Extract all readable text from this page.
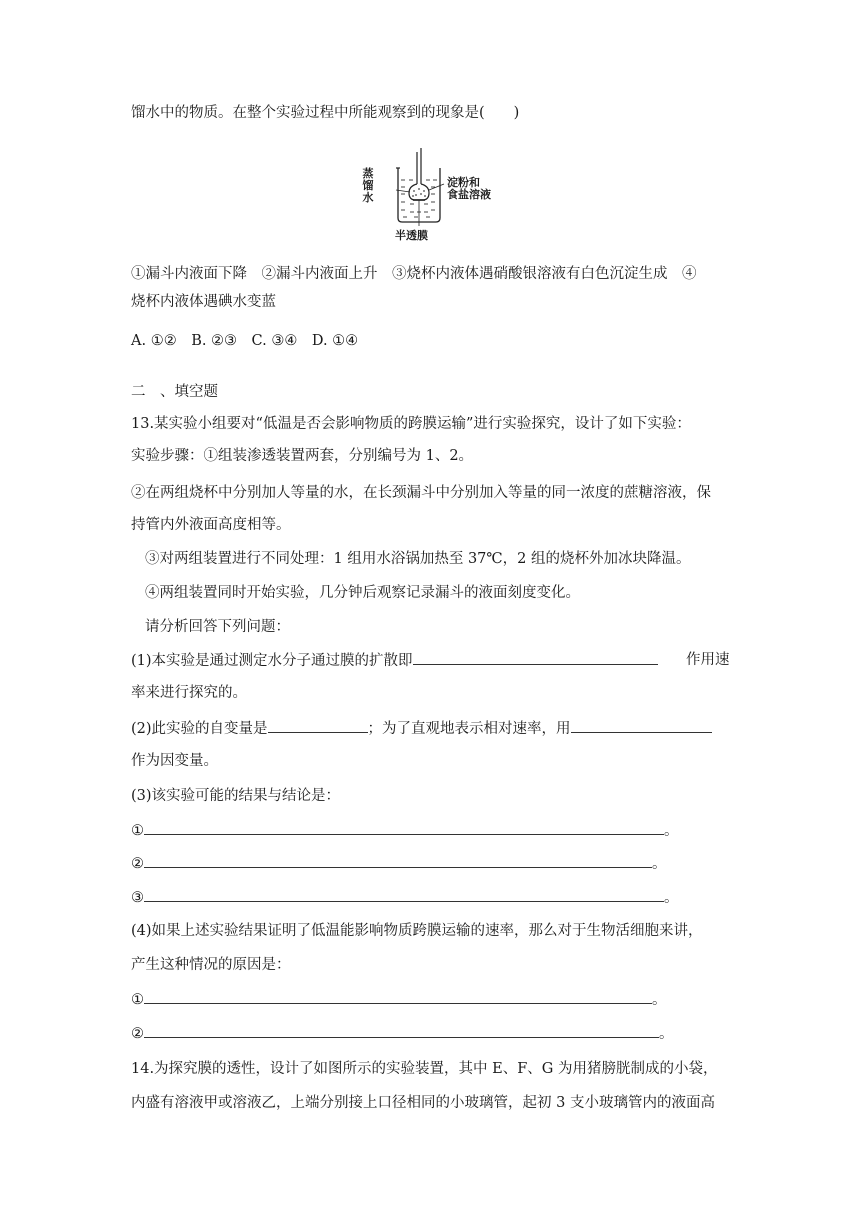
馏水中的物质。在整个实验过程中所能观察到的现象是(　　)
蒸
馏
水
淀粉和
食盐溶液
半透膜
①漏斗内液面下降　②漏斗内液面上升　③烧杯内液体遇硝酸银溶液有白色沉淀生成　④
烧杯内液体遇碘水变蓝
A. ①②　B. ②③　C. ③④　D. ①④
二　、填空题
13.某实验小组要对“低温是否会影响物质的跨膜运输”进行实验探究，设计了如下实验：
实验步骤：①组装渗透装置两套，分别编号为 1、2。
②在两组烧杯中分别加人等量的水，在长颈漏斗中分别加入等量的同一浓度的蔗糖溶液，保
持管内外液面高度相等。
③对两组装置进行不同处理：1 组用水浴锅加热至 37℃，2 组的烧杯外加冰块降温。
④两组装置同时开始实验，几分钟后观察记录漏斗的液面刻度变化。
请分析回答下列问题：
(1)本实验是通过测定水分子通过膜的扩散即	作用速
率来进行探究的。
(2)此实验的自变量是	；为了直观地表示相对速率，用
作为因变量。
(3)该实验可能的结果与结论是：
①	。
②	。
③	。
(4)如果上述实验结果证明了低温能影响物质跨膜运输的速率，那么对于生物活细胞来讲，
产生这种情况的原因是：
①	。
②	。
14.为探究膜的透性，设计了如图所示的实验装置，其中 E、F、G 为用猪膀胱制成的小袋，
内盛有溶液甲或溶液乙，上端分别接上口径相同的小玻璃管，起初 3 支小玻璃管内的液面高
